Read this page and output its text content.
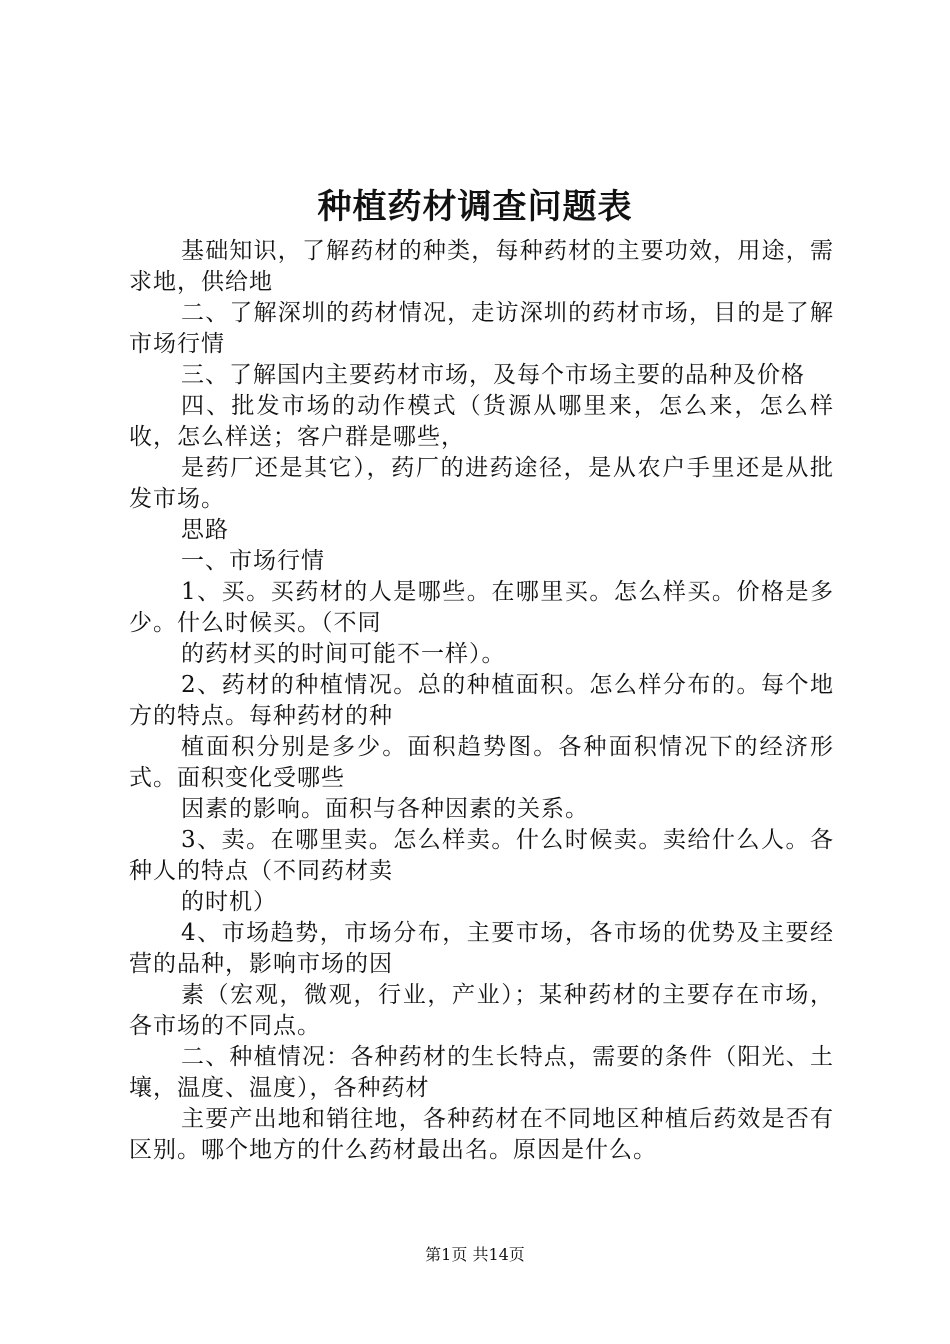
种植药材调查问题表

基础知识，了解药材的种类，每种药材的主要功效，用途，需求地，供给地

二、了解深圳的药材情况，走访深圳的药材市场，目的是了解市场行情

三、了解国内主要药材市场，及每个市场主要的品种及价格

四、批发市场的动作模式（货源从哪里来，怎么来，怎么样收，怎么样送；客户群是哪些，

是药厂还是其它），药厂的进药途径，是从农户手里还是从批发市场。

思路

一、市场行情

1、买。买药材的人是哪些。在哪里买。怎么样买。价格是多少。什么时候买。（不同

的药材买的时间可能不一样）。

2、药材的种植情况。总的种植面积。怎么样分布的。每个地方的特点。每种药材的种

植面积分别是多少。面积趋势图。各种面积情况下的经济形式。面积变化受哪些

因素的影响。面积与各种因素的关系。

3、卖。在哪里卖。怎么样卖。什么时候卖。卖给什么人。各种人的特点（不同药材卖

的时机）

4、市场趋势，市场分布，主要市场，各市场的优势及主要经营的品种，影响市场的因

素（宏观，微观，行业，产业）；某种药材的主要存在市场，各市场的不同点。

二、种植情况：各种药材的生长特点，需要的条件（阳光、土壤，温度、温度），各种药材

主要产出地和销往地，各种药材在不同地区种植后药效是否有区别。哪个地方的什么药材最出名。原因是什么。

第1页 共14页
